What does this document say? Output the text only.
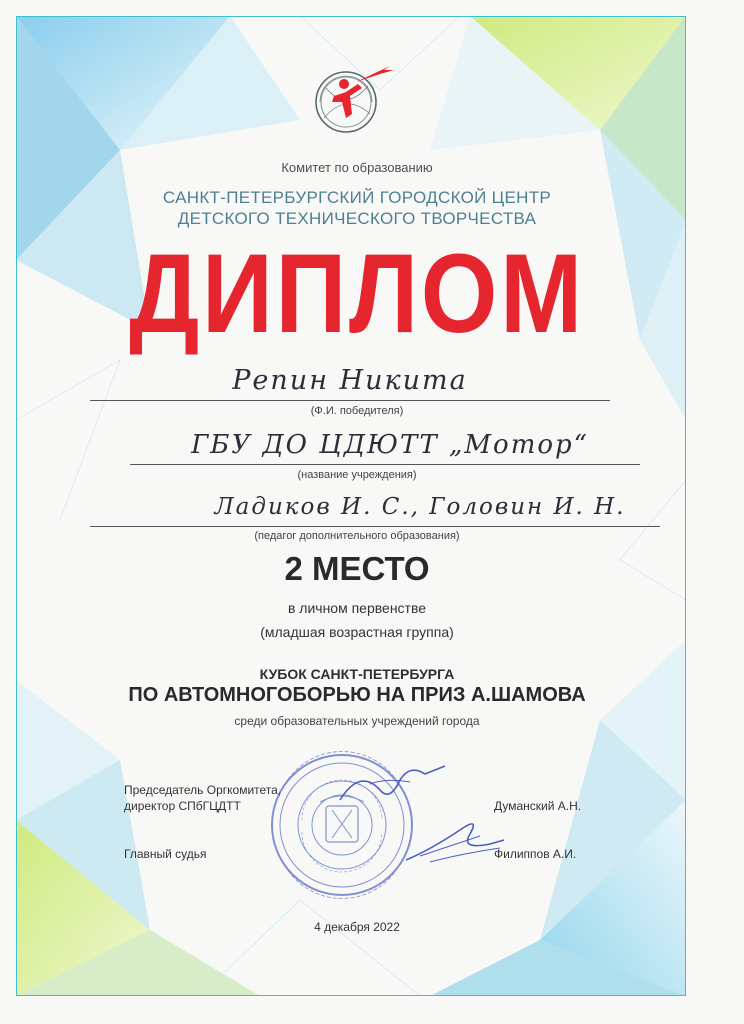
Комитет по образованию
САНКТ-ПЕТЕРБУРГСКИЙ ГОРОДСКОЙ ЦЕНТР
ДЕТСКОГО ТЕХНИЧЕСКОГО ТВОРЧЕСТВА
ДИПЛОМ
Репин Никита
(Ф.И. победителя)
ГБУ ДО ЦДЮТТ „Мотор“
(название учреждения)
Ладиков И. С., Головин И. Н.
(педагог дополнительного образования)
2 МЕСТО
в личном первенстве
(младшая возрастная группа)
КУБОК САНКТ-ПЕТЕРБУРГА
ПО АВТОМНОГОБОРЬЮ НА ПРИЗ А.ШАМОВА
среди образовательных учреждений города
Председатель Оргкомитета,
директор СПбГЦДТТ	Думанский А.Н.
Главный судья	Филиппов А.И.
4 декабря 2022
